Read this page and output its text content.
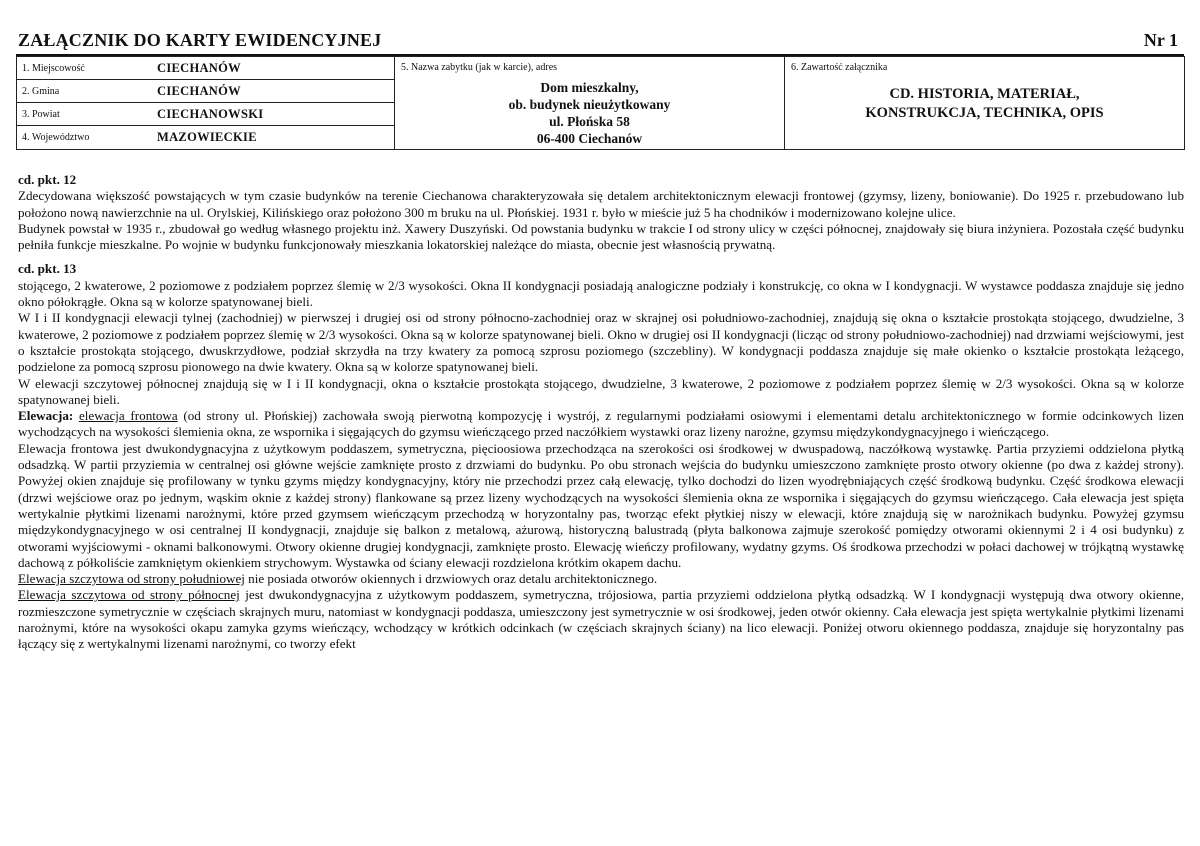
ZAŁĄCZNIK DO KARTY EWIDENCYJNEJ	Nr 1
1. Miejscowość	CIECHANÓW
2. Gmina	CIECHANÓW
3. Powiat	CIECHANOWSKI
4. Województwo	MAZOWIECKIE

5. Nazwa zabytku (jak w karcie), adres
Dom mieszkalny,
ob. budynek nieużytkowany
ul. Płońska 58
06-400 Ciechanów

6. Zawartość załącznika
CD. HISTORIA, MATERIAŁ,
KONSTRUKCJA, TECHNIKA, OPIS
cd. pkt. 12

Zdecydowana większość powstających w tym czasie budynków na terenie Ciechanowa charakteryzowała się detalem architektonicznym elewacji frontowej (gzymsy, lizeny, boniowanie). Do 1925 r. przebudowano lub położono nową nawierzchnie na ul. Orylskiej, Kilińskiego oraz położono 300 m bruku na ul. Płońskiej. 1931 r. było w mieście już 5 ha chodników i modernizowano kolejne ulice.

Budynek powstał w 1935 r., zbudował go według własnego projektu inż. Xawery Duszyński. Od powstania budynku w trakcie I od strony ulicy w części północnej, znajdowały się biura inżyniera. Pozostała część budynku pełniła funkcje mieszkalne. Po wojnie w budynku funkcjonowały mieszkania lokatorskiej należące do miasta, obecnie jest własnością prywatną.

cd. pkt. 13

stojącego, 2 kwaterowe, 2 poziomowe z podziałem poprzez ślemię w 2/3 wysokości. Okna II kondygnacji posiadają analogiczne podziały i konstrukcję, co okna w I kondygnacji. W wystawce poddasza znajduje się jedno okno półokrągłe. Okna są w kolorze spatynowanej bieli.

W I i II kondygnacji elewacji tylnej (zachodniej) w pierwszej i drugiej osi od strony północno-zachodniej oraz w skrajnej osi południowo-zachodniej, znajdują się okna o kształcie prostokąta stojącego, dwudzielne, 3 kwaterowe, 2 poziomowe z podziałem poprzez ślemię w 2/3 wysokości. Okna są w kolorze spatynowanej bieli. Okno w drugiej osi II kondygnacji (licząc od strony południowo-zachodniej) nad drzwiami wejściowymi, jest o kształcie prostokąta stojącego, dwuskrzydłowe, podział skrzydła na trzy kwatery za pomocą szprosu poziomego (szczebliny). W kondygnacji poddasza znajduje się małe okienko o kształcie prostokąta leżącego, podzielone za pomocą szprosu pionowego na dwie kwatery. Okna są w kolorze spatynowanej bieli.

W elewacji szczytowej północnej znajdują się w I i II kondygnacji, okna o kształcie prostokąta stojącego, dwudzielne, 3 kwaterowe, 2 poziomowe z podziałem poprzez ślemię w 2/3 wysokości. Okna są w kolorze spatynowanej bieli.

Elewacja: elewacja frontowa (od strony ul. Płońskiej) zachowała swoją pierwotną kompozycję i wystrój, z regularnymi podziałami osiowymi i elementami detalu architektonicznego w formie odcinkowych lizen wychodzących na wysokości ślemienia okna, ze wspornika i sięgających do gzymsu wieńczącego przed naczółkiem wystawki oraz lizeny narożne, gzymsu międzykondygnacyjnego i wieńczącego.

Elewacja frontowa jest dwukondygnacyjna z użytkowym poddaszem, symetryczna, pięcioosiowa przechodząca na szerokości osi środkowej w dwuspadową, naczółkową wystawkę. Partia przyziemi oddzielona płytką odsadzką. W partii przyziemia w centralnej osi główne wejście zamknięte prosto z drzwiami do budynku. Po obu stronach wejścia do budynku umieszczono zamknięte prosto otwory okienne (po dwa z każdej strony). Powyżej okien znajduje się profilowany w tynku gzyms między kondygnacyjny, który nie przechodzi przez całą elewację, tylko dochodzi do lizen wyodrębniających część środkową budynku. Część środkowa elewacji (drzwi wejściowe oraz po jednym, wąskim oknie z każdej strony) flankowane są przez lizeny wychodzących na wysokości ślemienia okna ze wspornika i sięgających do gzymsu wieńczącego. Cała elewacja jest spięta wertykalnie płytkimi lizenami narożnymi, które przed gzymsem wieńczącym przechodzą w horyzontalny pas, tworząc efekt płytkiej niszy w elewacji, które znajdują się w narożnikach budynku. Powyżej gzymsu międzykondygnacyjnego w osi centralnej II kondygnacji, znajduje się balkon z metalową, ażurową, historyczną balustradą (płyta balkonowa zajmuje szerokość pomiędzy otworami okiennymi 2 i 4 osi budynku) z otworami wyjściowymi - oknami balkonowymi. Otwory okienne drugiej kondygnacji, zamknięte prosto. Elewację wieńczy profilowany, wydatny gzyms. Oś środkowa przechodzi w połaci dachowej w trójkątną wystawkę dachową z półkoliście zamkniętym okienkiem strychowym. Wystawka od ściany elewacji rozdzielona krótkim okapem dachu.

Elewacja szczytowa od strony południowej nie posiada otworów okiennych i drzwiowych oraz detalu architektonicznego.

Elewacja szczytowa od strony północnej jest dwukondygnacyjna z użytkowym poddaszem, symetryczna, trójosiowa, partia przyziemi oddzielona płytką odsadzką. W I kondygnacji występują dwa otwory okienne, rozmieszczone symetrycznie w częściach skrajnych muru, natomiast w kondygnacji poddasza, umieszczony jest symetrycznie w osi środkowej, jeden otwór okienny. Cała elewacja jest spięta wertykalnie płytkimi lizenami narożnymi, które na wysokości okapu zamyka gzyms wieńczący, wchodzący w krótkich odcinkach (w częściach skrajnych ściany) na lico elewacji. Poniżej otworu okiennego poddasza, znajduje się horyzontalny pas łączący się z wertykalnymi lizenami narożnymi, co tworzy efekt
